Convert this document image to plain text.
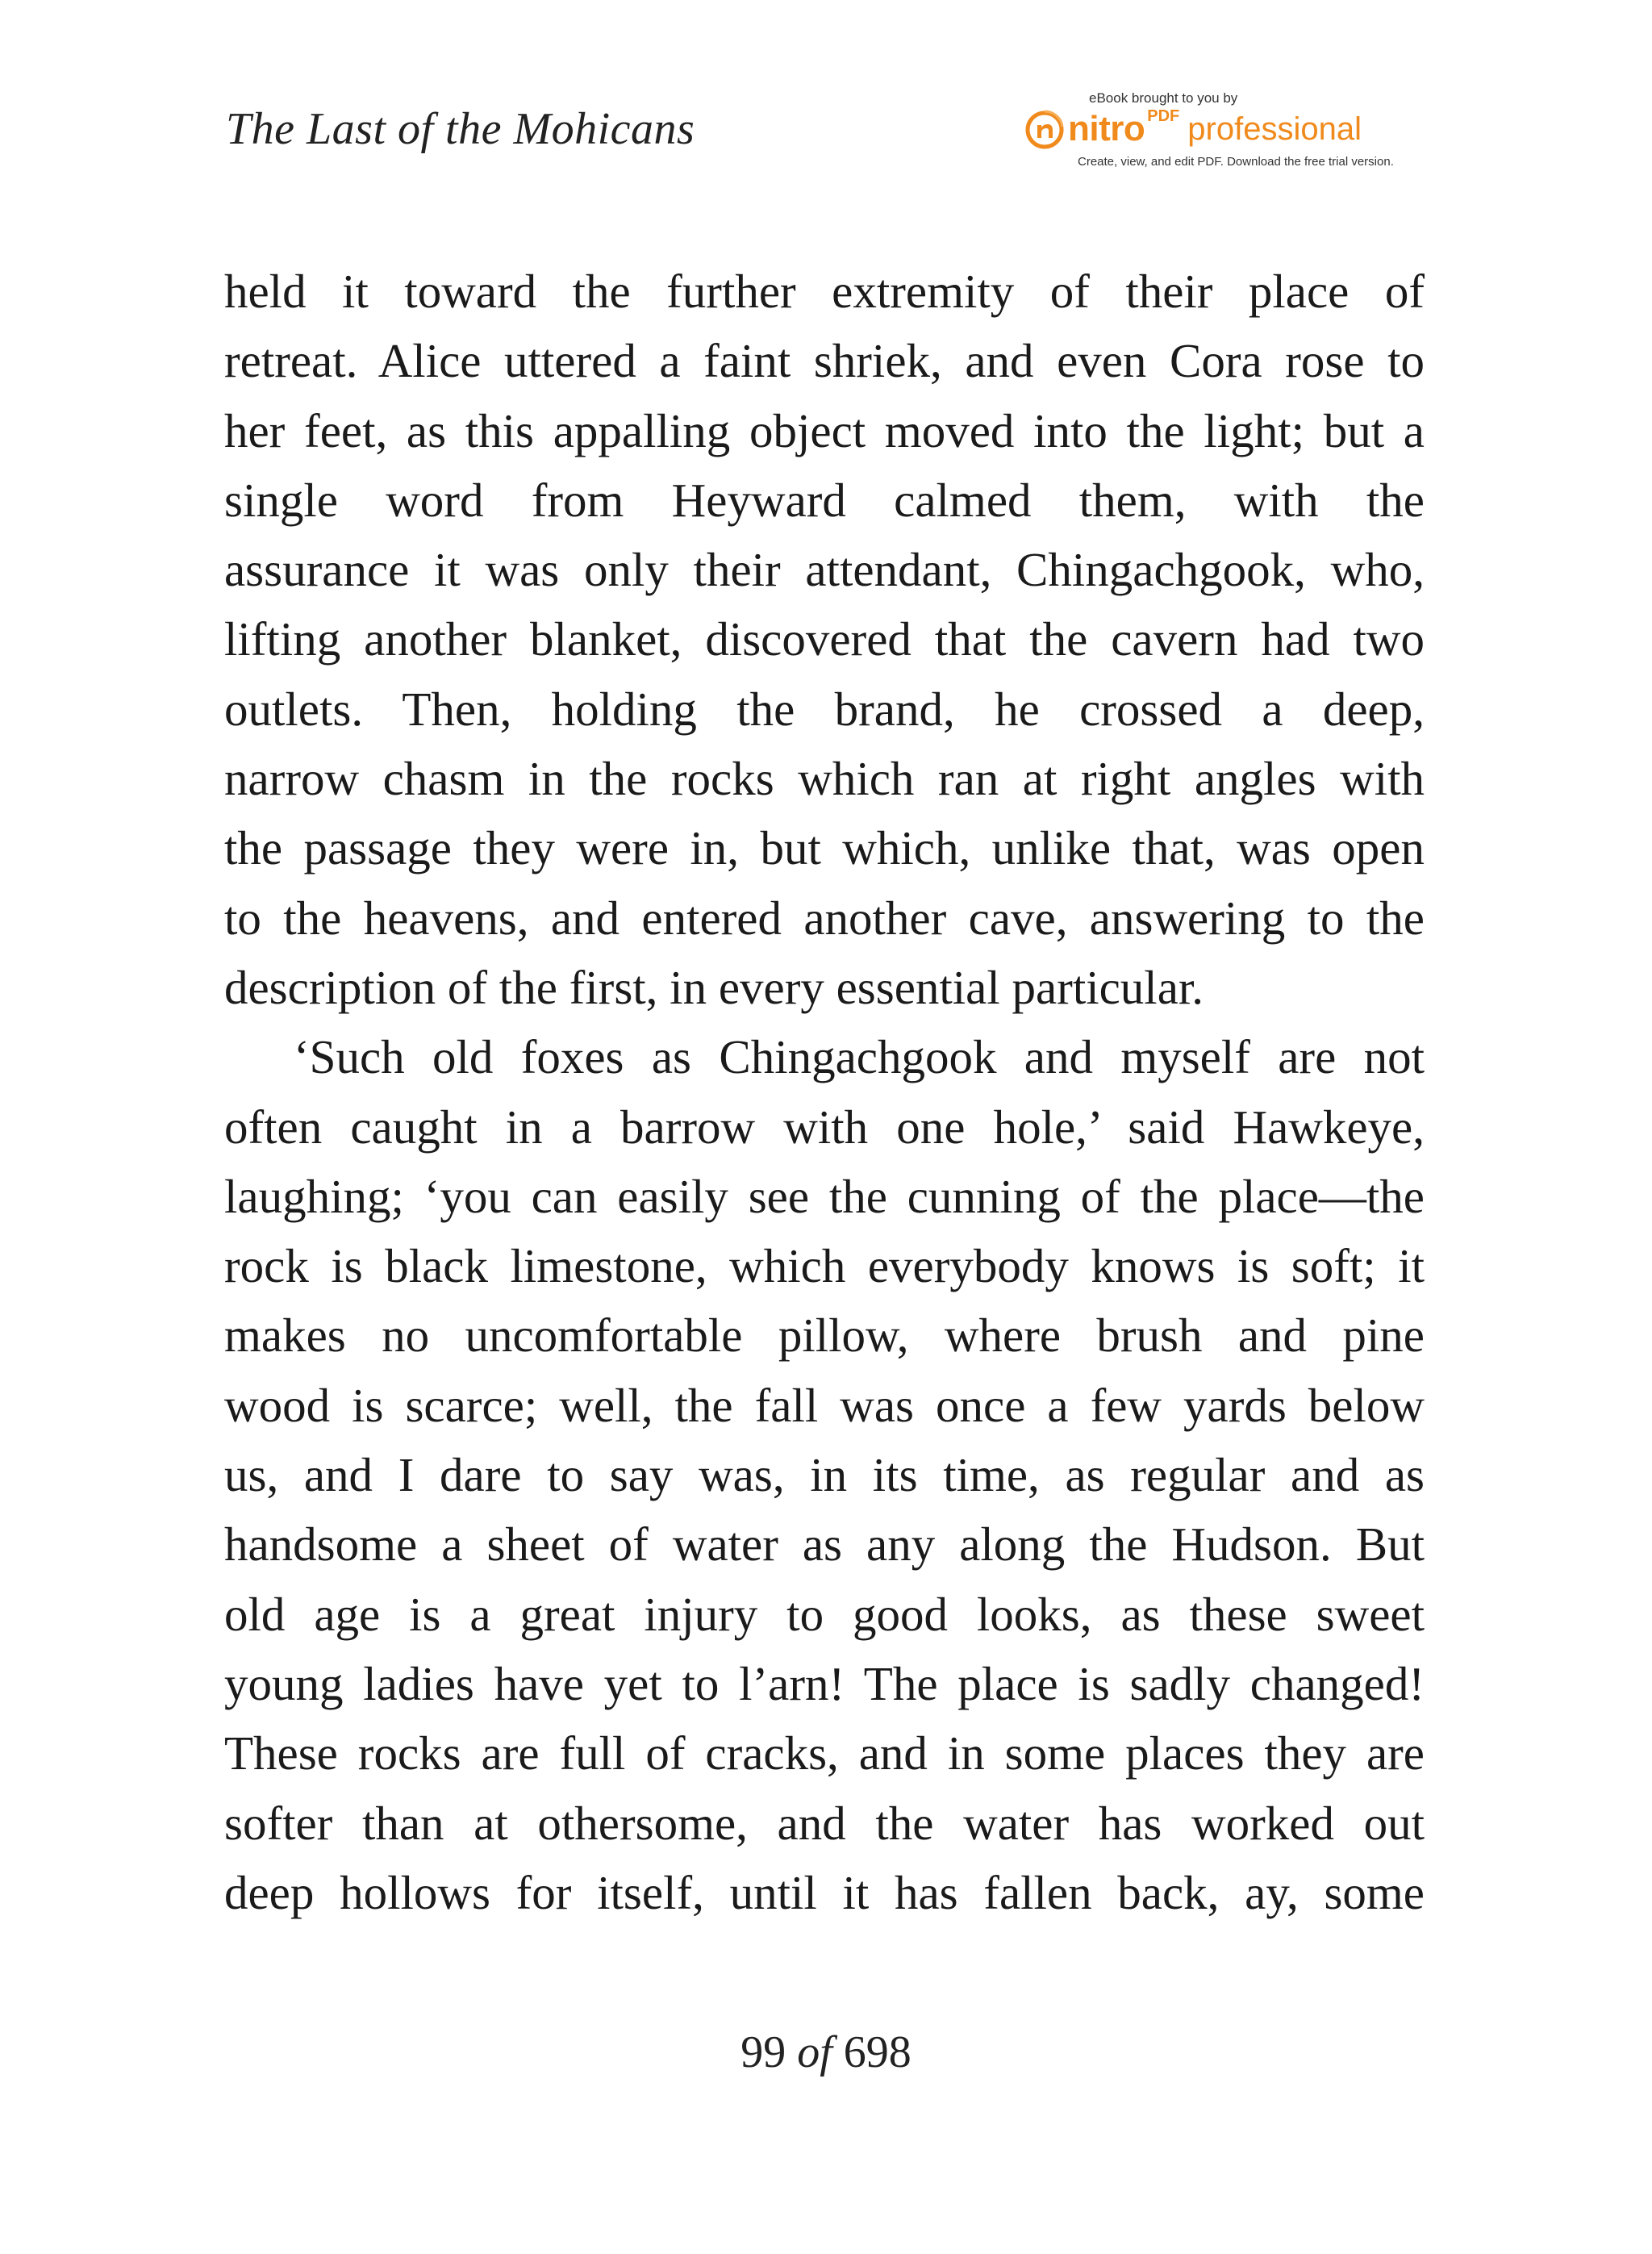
The Last of the Mohicans
eBook brought to you by
nitro PDF professional
Create, view, and edit PDF. Download the free trial version.
held it toward the further extremity of their place of
retreat. Alice uttered a faint shriek, and even Cora rose to
her feet, as this appalling object moved into the light; but a
single word from Heyward calmed them, with the
assurance it was only their attendant, Chingachgook, who,
lifting another blanket, discovered that the cavern had two
outlets. Then, holding the brand, he crossed a deep,
narrow chasm in the rocks which ran at right angles with
the passage they were in, but which, unlike that, was open
to the heavens, and entered another cave, answering to the
description of the first, in every essential particular.
‘Such old foxes as Chingachgook and myself are not
often caught in a barrow with one hole,’ said Hawkeye,
laughing; ‘you can easily see the cunning of the place—the
rock is black limestone, which everybody knows is soft; it
makes no uncomfortable pillow, where brush and pine
wood is scarce; well, the fall was once a few yards below
us, and I dare to say was, in its time, as regular and as
handsome a sheet of water as any along the Hudson. But
old age is a great injury to good looks, as these sweet
young ladies have yet to l’arn! The place is sadly changed!
These rocks are full of cracks, and in some places they are
softer than at othersome, and the water has worked out
deep hollows for itself, until it has fallen back, ay, some
99 of 698
